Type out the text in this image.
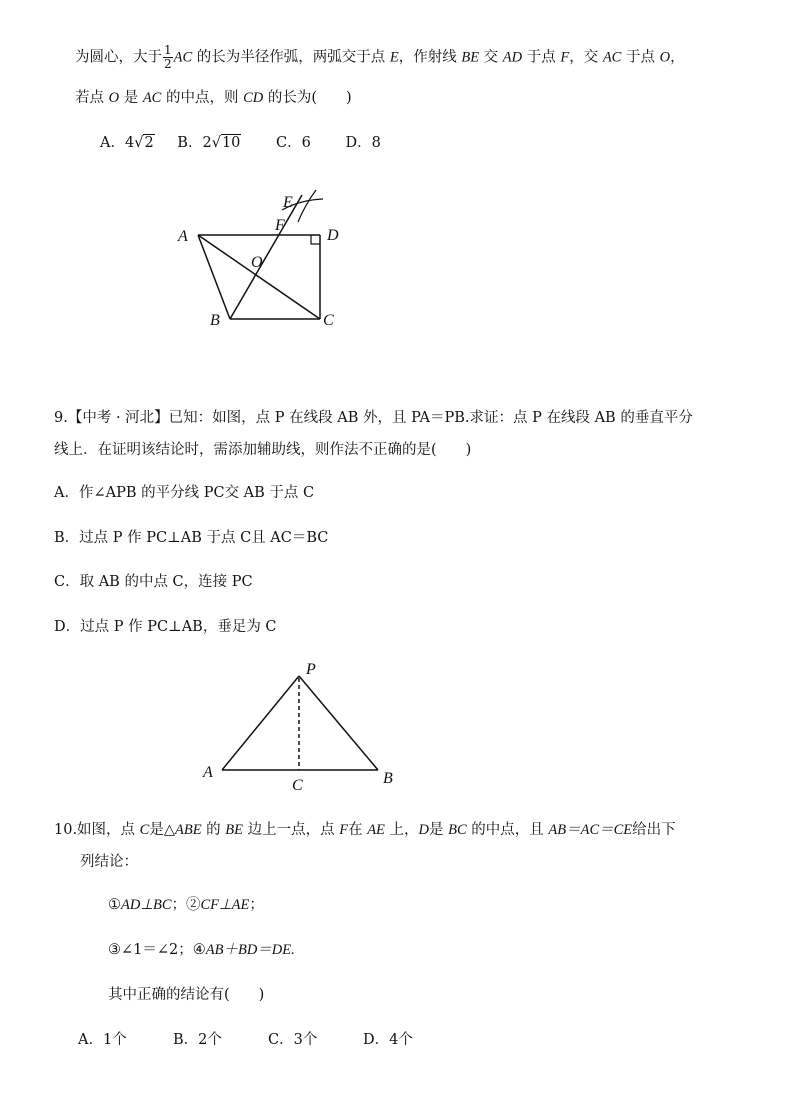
为圆心，大于 $\frac{1}{2}$ AC 的长为半径作弧，两弧交于点 E，作射线 BE 交 AD 于点 F，交 AC 于点 O，
若点 O 是 AC 的中点，则 CD 的长为(　　)
A．4√2 B．2√10 C．6 D．8
A
B	C
D
E
F
O
9.【中考 · 河北】已知：如图，点 P 在线段 AB 外，且 PA＝PB.求证：点 P 在线段 AB 的垂直平分
线上．在证明该结论时，需添加辅助线，则作法不正确的是(　　)
A．作∠APB 的平分线 PC交 AB 于点 C
B．过点 P 作 PC⊥AB 于点 C且 AC＝BC
C．取 AB 的中点 C，连接 PC
D．过点 P 作 PC⊥AB，垂足为 C
P
A	B
C
10.如图，点 C是△ABE 的 BE 边上一点，点 F在 AE 上，D是 BC 的中点，且 AB＝AC＝CE给出下
列结论：
①AD⊥BC；②CF⊥AE；
③∠1＝∠2；④AB＋BD＝DE.
其中正确的结论有(　　)
A．1个	B．2个	C．3个	D．4个
